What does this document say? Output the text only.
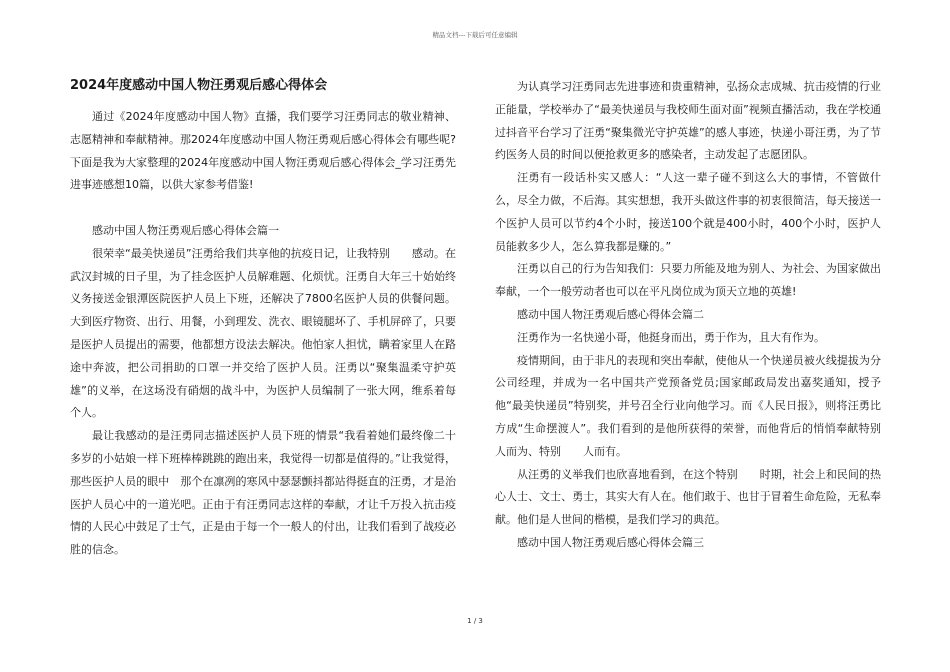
精品文档---下载后可任意编辑
2024年度感动中国人物汪勇观后感心得体会

通过《2024年度感动中国人物》直播，我们要学习汪勇同志的敬业精神、志愿精神和奉献精神。那2024年度感动中国人物汪勇观后感心得体会有哪些呢?下面是我为大家整理的2024年度感动中国人物汪勇观后感心得体会_学习汪勇先进事迹感想10篇，以供大家参考借鉴!

感动中国人物汪勇观后感心得体会篇一

很荣幸“最美快递员”汪勇给我们共享他的抗疫日记，让我特别　　感动。在武汉封城的日子里，为了挂念医护人员解难题、化烦忧。汪勇自大年三十始始终义务接送金银潭医院医护人员上下班，还解决了7800名医护人员的供餐问题。大到医疗物资、出行、用餐，小到理发、洗衣、眼镜腿坏了、手机屏碎了，只要是医护人员提出的需要，他都想方设法去解决。他怕家人担忧，瞒着家里人在路途中奔波，把公司捐助的口罩一并交给了医护人员。汪勇以“聚集温柔守护英雄”的义举，在这场没有硝烟的战斗中，为医护人员编制了一张大网，维系着每个人。

最让我感动的是汪勇同志描述医护人员下班的情景“我看着她们最终像二十多岁的小姑娘一样下班棒棒跳跳的跑出来，我觉得一切都是值得的。”让我觉得，那些医护人员的眼中　那个在凛冽的寒风中瑟瑟颤抖都站得挺直的汪勇，才是治医护人员心中的一道光吧。正由于有汪勇同志这样的奉献，才让千万投入抗击疫情的人民心中鼓足了士气，正是由于每一个一般人的付出，让我们看到了战疫必胜的信念。

为认真学习汪勇同志先进事迹和贵重精神，弘扬众志成城、抗击疫情的行业正能量，学校举办了“最美快递员与我校师生面对面”视频直播活动，我在学校通过抖音平台学习了汪勇“聚集微光守护英雄”的感人事迹，快递小哥汪勇，为了节约医务人员的时间以便抢救更多的感染者，主动发起了志愿团队。

汪勇有一段话朴实又感人：“人这一辈子碰不到这么大的事情，不管做什么，尽全力做，不后海。其实想想，我开头做这件事的初衷很简洁，每天接送一个医护人员可以节约4个小时，接送100个就是400小时，400个小时，医护人员能救多少人，怎么算我都是赚的。”

汪勇以自己的行为告知我们：只要力所能及地为别人、为社会、为国家做出奉献，一个一般劳动者也可以在平凡岗位成为顶天立地的英雄!

感动中国人物汪勇观后感心得体会篇二

汪勇作为一名快递小哥，他挺身而出，勇于作为，且大有作为。

疫情期间，由于非凡的表现和突出奉献，使他从一个快递员被火线提拔为分公司经理，并成为一名中国共产党预备党员;国家邮政局发出嘉奖通知，授予他“最美快递员”特别奖，并号召全行业向他学习。而《人民日报》，则将汪勇比方成“生命摆渡人”。我们看到的是他所获得的荣誉，而他背后的悄悄奉献特别　　人而为、特别　　人而有。

从汪勇的义举我们也欣喜地看到，在这个特别　　时期，社会上和民间的热心人士、文士、勇士，其实大有人在。他们敢于、也甘于冒着生命危险，无私奉献。他们是人世间的楷模，是我们学习的典范。

感动中国人物汪勇观后感心得体会篇三

1 / 3
